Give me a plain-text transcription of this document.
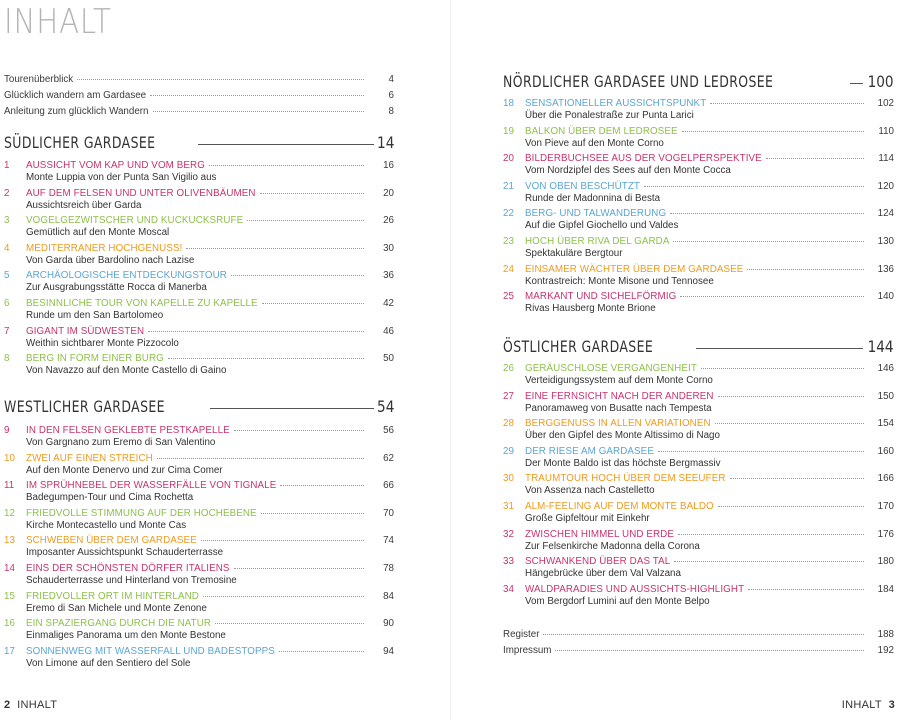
INHALT
Tourenüberblick	4
Glücklich wandern am Gardasee	6
Anleitung zum glücklich Wandern	8
SÜDLICHER GARDASEE	14
1	AUSSICHT VOM KAP UND VOM BERG	16
Monte Luppia von der Punta San Vigilio aus
2	AUF DEM FELSEN UND UNTER OLIVENBÄUMEN	20
Aussichtsreich über Garda
3	VOGELGEZWITSCHER UND KUCKUCKSRUFE	26
Gemütlich auf den Monte Moscal
4	MEDITERRANER HOCHGENUSS!	30
Von Garda über Bardolino nach Lazise
5	ARCHÄOLOGISCHE ENTDECKUNGSTOUR	36
Zur Ausgrabungsstätte Rocca di Manerba
6	BESINNLICHE TOUR VON KAPELLE ZU KAPELLE	42
Runde um den San Bartolomeo
7	GIGANT IM SÜDWESTEN	46
Weithin sichtbarer Monte Pizzocolo
8	BERG IN FORM EINER BURG	50
Von Navazzo auf den Monte Castello di Gaino
WESTLICHER GARDASEE	54
9	IN DEN FELSEN GEKLEBTE PESTKAPELLE	56
Von Gargnano zum Eremo di San Valentino
10	ZWEI AUF EINEN STREICH	62
Auf den Monte Denervo und zur Cima Comer
11	IM SPRÜHNEBEL DER WASSERFÄLLE VON TIGNALE	66
Badegumpen-Tour und Cima Rochetta
12	FRIEDVOLLE STIMMUNG AUF DER HOCHEBENE	70
Kirche Montecastello und Monte Cas
13	SCHWEBEN ÜBER DEM GARDASEE	74
Imposanter Aussichtspunkt Schauderterrasse
14	EINS DER SCHÖNSTEN DÖRFER ITALIENS	78
Schauderterrasse und Hinterland von Tremosine
15	FRIEDVOLLER ORT IM HINTERLAND	84
Eremo di San Michele und Monte Zenone
16	EIN SPAZIERGANG DURCH DIE NATUR	90
Einmaliges Panorama um den Monte Bestone
17	SONNENWEG MIT WASSERFALL UND BADESTOPPS	94
Von Limone auf den Sentiero del Sole
NÖRDLICHER GARDASEE UND LEDROSEE	100
18	SENSATIONELLER AUSSICHTSPUNKT	102
Über die Ponalestraße zur Punta Larici
19	BALKON ÜBER DEM LEDROSEE	110
Von Pieve auf den Monte Corno
20	BILDERBUCHSEE AUS DER VOGELPERSPEKTIVE	114
Vom Nordzipfel des Sees auf den Monte Cocca
21	VON OBEN BESCHÜTZT	120
Runde der Madonnina di Besta
22	BERG- UND TALWANDERUNG	124
Auf die Gipfel Giochello und Valdes
23	HOCH ÜBER RIVA DEL GARDA	130
Spektakuläre Bergtour
24	EINSAMER WÄCHTER ÜBER DEM GARDASEE	136
Kontrastreich: Monte Misone und Tennosee
25	MARKANT UND SICHELFÖRMIG	140
Rivas Hausberg Monte Brione
ÖSTLICHER GARDASEE	144
26	GERÄUSCHLOSE VERGANGENHEIT	146
Verteidigungssystem auf dem Monte Corno
27	EINE FERNSICHT NACH DER ANDEREN	150
Panoramaweg von Busatte nach Tempesta
28	BERGGENUSS IN ALLEN VARIATIONEN	154
Über den Gipfel des Monte Altissimo di Nago
29	DER RIESE AM GARDASEE	160
Der Monte Baldo ist das höchste Bergmassiv
30	TRAUMTOUR HOCH ÜBER DEM SEEUFER	166
Von Assenza nach Castelletto
31	ALM-FEELING AUF DEM MONTE BALDO	170
Große Gipfeltour mit Einkehr
32	ZWISCHEN HIMMEL UND ERDE	176
Zur Felsenkirche Madonna della Corona
33	SCHWANKEND ÜBER DAS TAL	180
Hängebrücke über dem Val Valzana
34	WALDPARADIES UND AUSSICHTS-HIGHLIGHT	184
Vom Bergdorf Lumini auf den Monte Belpo
Register	188
Impressum	192
2 INHALT	INHALT 3
